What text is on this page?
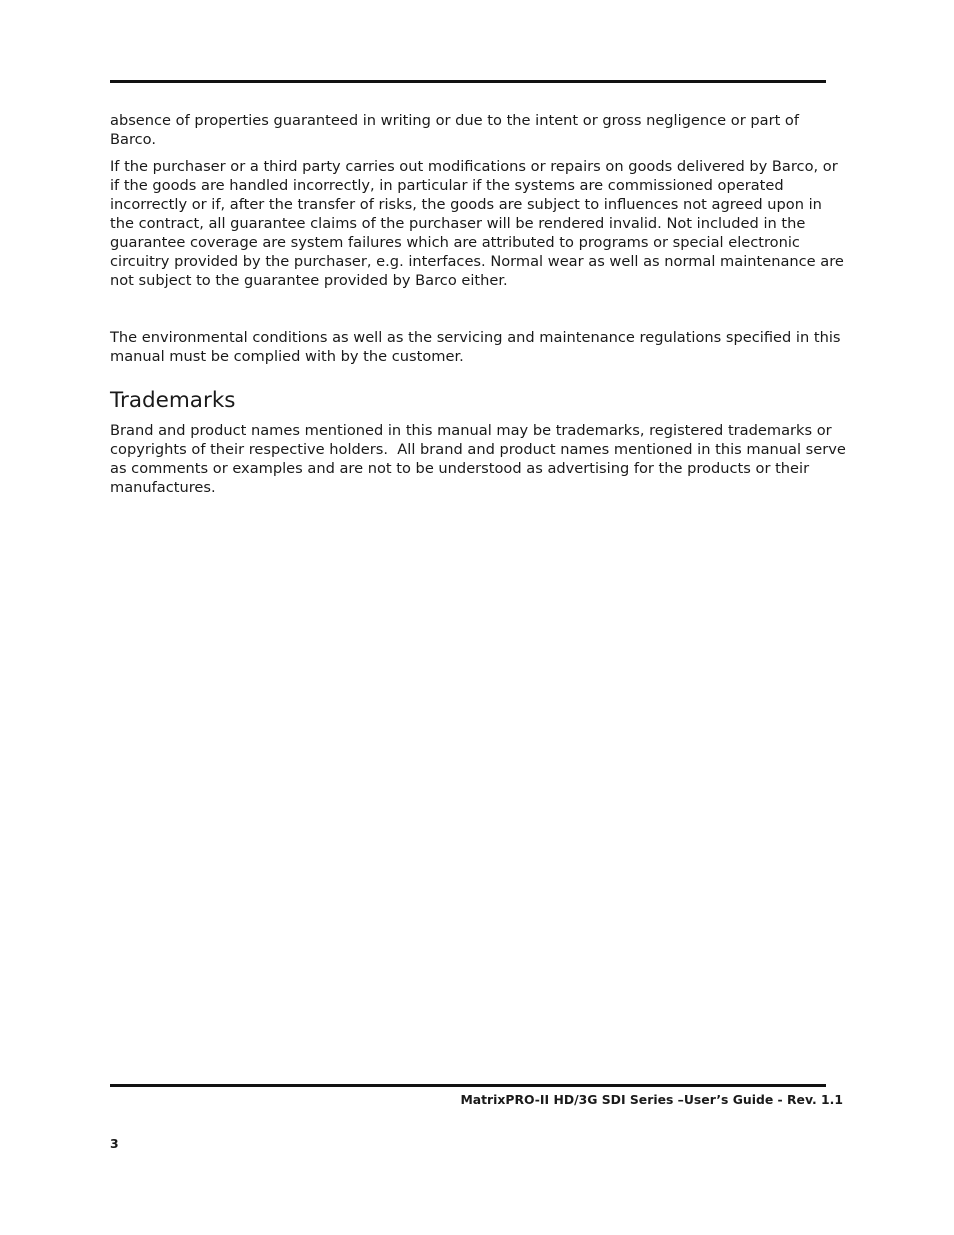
absence of properties guaranteed in writing or due to the intent or gross negligence or part of Barco.

If the purchaser or a third party carries out modifications or repairs on goods delivered by Barco, or if the goods are handled incorrectly, in particular if the systems are commissioned operated incorrectly or if, after the transfer of risks, the goods are subject to influences not agreed upon in the contract, all guarantee claims of the purchaser will be rendered invalid. Not included in the guarantee coverage are system failures which are attributed to programs or special electronic circuitry provided by the purchaser, e.g. interfaces. Normal wear as well as normal maintenance are not subject to the guarantee provided by Barco either.

The environmental conditions as well as the servicing and maintenance regulations specified in this manual must be complied with by the customer.

Trademarks

Brand and product names mentioned in this manual may be trademarks, registered trademarks or copyrights of their respective holders.  All brand and product names mentioned in this manual serve as comments or examples and are not to be understood as advertising for the products or their manufactures.

MatrixPRO-II HD/3G SDI Series –User’s Guide - Rev. 1.1
3
